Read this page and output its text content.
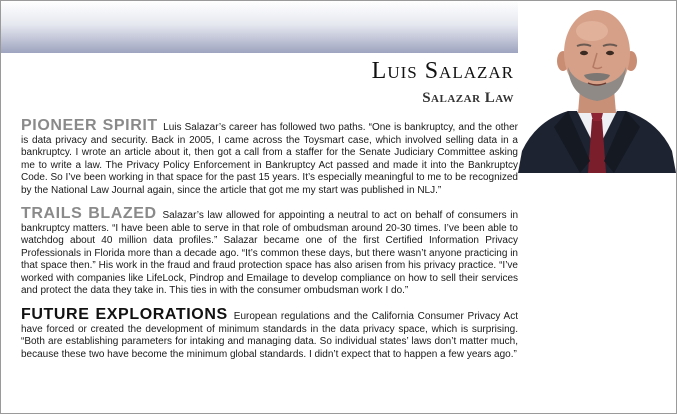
Luis Salazar
Salazar Law

PIONEER SPIRIT Luis Salazar’s career has followed two paths. “One is bankruptcy, and the other is data privacy and security. Back in 2005, I came across the Toysmart case, which involved selling data in a bankruptcy. I wrote an article about it, then got a call from a staffer for the Senate Judiciary Committee asking me to write a law. The Privacy Policy Enforcement in Bankruptcy Act passed and made it into the Bankruptcy Code. So I’ve been working in that space for the past 15 years. It’s especially meaningful to me to be recognized by the National Law Journal again, since the article that got me my start was published in NLJ.”

TRAILS BLAZED Salazar’s law allowed for appointing a neutral to act on behalf of consumers in bankruptcy matters. “I have been able to serve in that role of ombudsman around 20-30 times. I’ve been able to watchdog about 40 million data profiles.” Salazar became one of the first Certified Information Privacy Professionals in Florida more than a decade ago. “It’s common these days, but there wasn’t anyone practicing in that space then.” His work in the fraud and fraud protection space has also arisen from his privacy practice. “I’ve worked with companies like LifeLock, Pindrop and Emailage to develop compliance on how to sell their services and protect the data they take in. This ties in with the consumer ombudsman work I do.”

FUTURE EXPLORATIONS European regulations and the California Consumer Privacy Act have forced or created the development of minimum standards in the data privacy space, which is surprising. “Both are establishing parameters for intaking and managing data. So individual states’ laws don’t matter much, because these two have become the minimum global standards. I didn’t expect that to happen a few years ago.”
